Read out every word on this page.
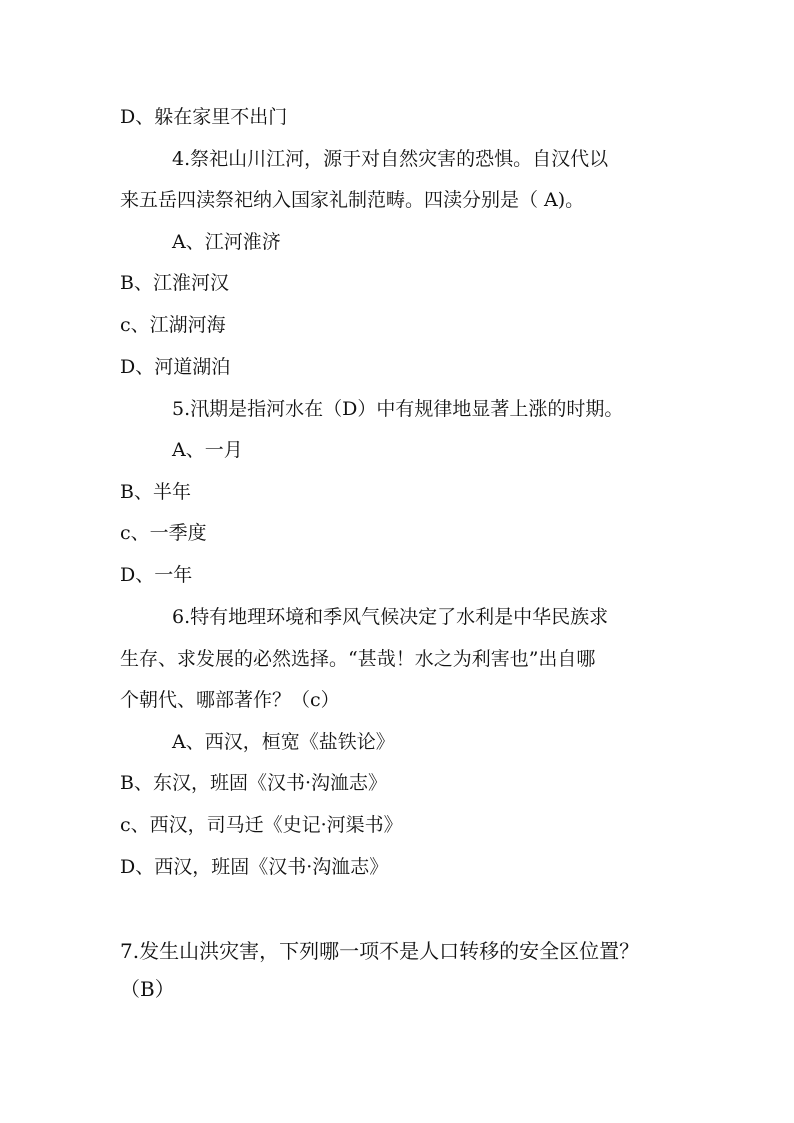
D、躲在家里不出门
4.祭祀山川江河，源于对自然灾害的恐惧。自汉代以
来五岳四渎祭祀纳入国家礼制范畴。四渎分别是（ A)。
A、江河淮济
B、江淮河汉
c、江湖河海
D、河道湖泊
5.汛期是指河水在（D）中有规律地显著上涨的时期。
A、一月
B、半年
c、一季度
D、一年
6.特有地理环境和季风气候决定了水利是中华民族求
生存、求发展的必然选择。“甚哉！水之为利害也”出自哪
个朝代、哪部著作？（c）
A、西汉，桓宽《盐铁论》
B、东汉，班固《汉书·沟洫志》
c、西汉，司马迁《史记·河渠书》
D、西汉，班固《汉书·沟洫志》
7.发生山洪灾害，下列哪一项不是人口转移的安全区位置？
（B）
